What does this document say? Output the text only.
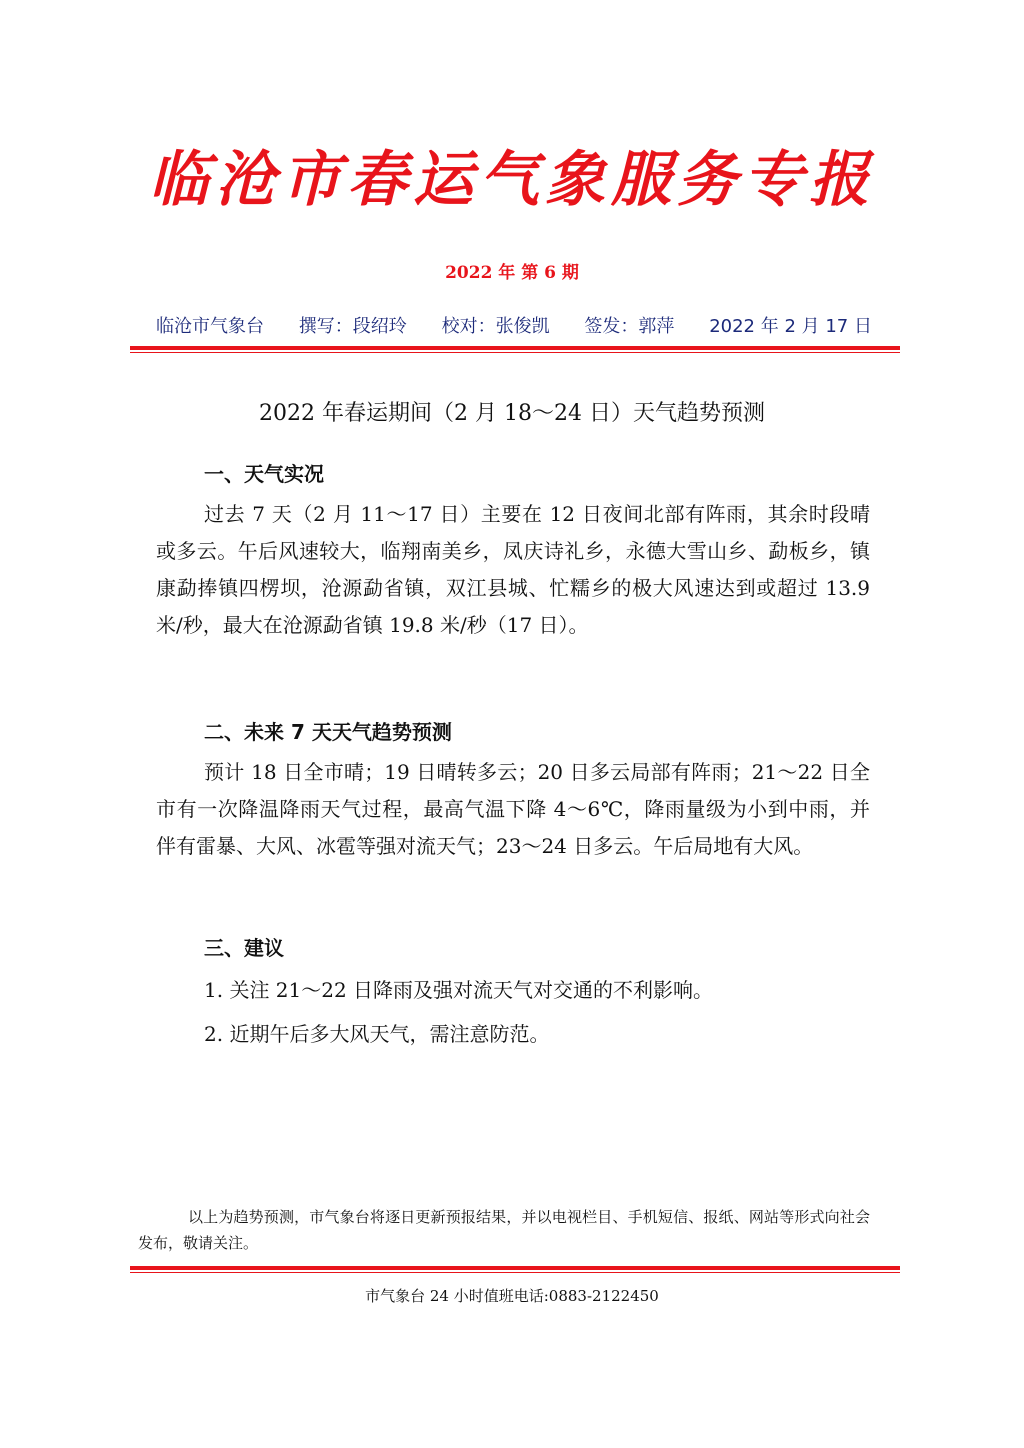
临沧市春运气象服务专报
2022 年 第 6 期
临沧市气象台 撰写：段绍玲 校对：张俊凯 签发：郭萍 2022 年 2 月 17 日
2022 年春运期间（2 月 18～24 日）天气趋势预测
一、天气实况
过去 7 天（2 月 11～17 日）主要在 12 日夜间北部有阵雨，其余时段晴或多云。午后风速较大，临翔南美乡，凤庆诗礼乡，永德大雪山乡、勐板乡，镇康勐捧镇四楞坝，沧源勐省镇，双江县城、忙糯乡的极大风速达到或超过 13.9 米/秒，最大在沧源勐省镇 19.8 米/秒（17 日）。
二、未来 7 天天气趋势预测
预计 18 日全市晴；19 日晴转多云；20 日多云局部有阵雨；21～22 日全市有一次降温降雨天气过程，最高气温下降 4～6℃，降雨量级为小到中雨，并伴有雷暴、大风、冰雹等强对流天气；23～24 日多云。午后局地有大风。
三、建议
1. 关注 21～22 日降雨及强对流天气对交通的不利影响。
2. 近期午后多大风天气，需注意防范。
以上为趋势预测，市气象台将逐日更新预报结果，并以电视栏目、手机短信、报纸、网站等形式向社会发布，敬请关注。
市气象台 24 小时值班电话:0883-2122450
